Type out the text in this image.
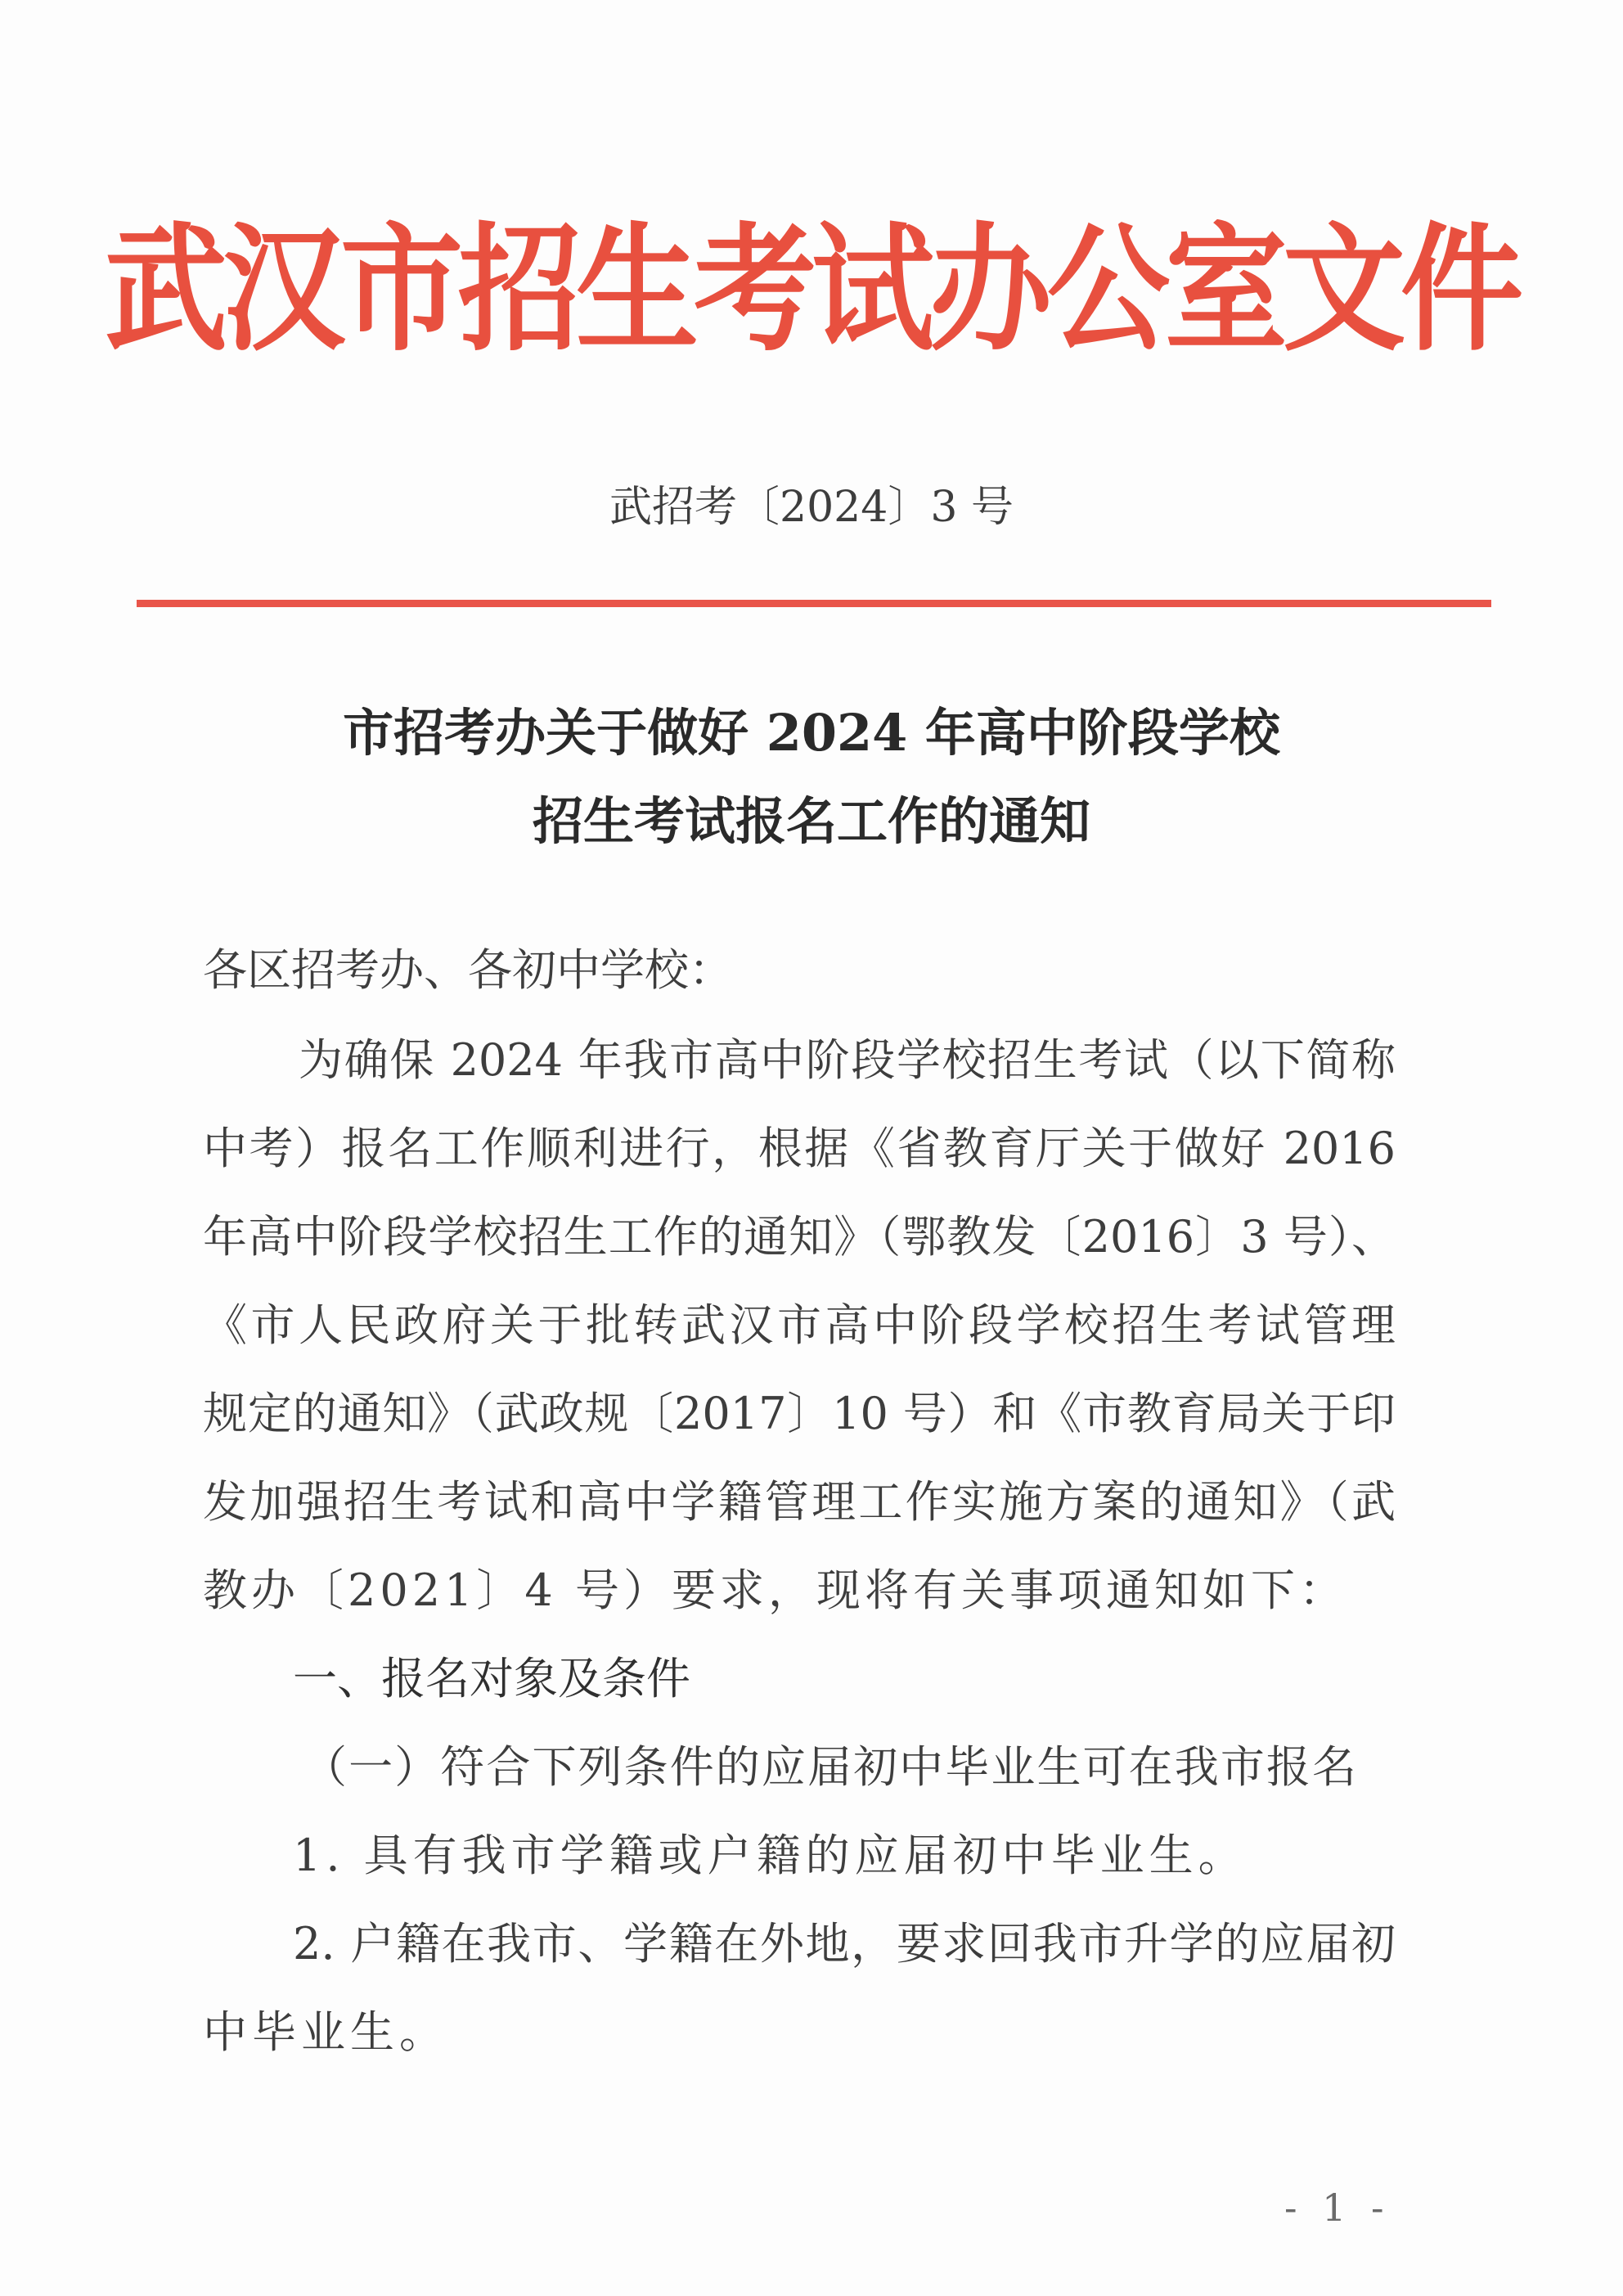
武汉市招生考试办公室文件
武招考〔2024〕3 号
市招考办关于做好 2024 年高中阶段学校
招生考试报名工作的通知
各区招考办、各初中学校：
为确保 2024 年我市高中阶段学校招生考试（以下简称
中考）报名工作顺利进行，根据《省教育厅关于做好 2016
年高中阶段学校招生工作的通知》（鄂教发〔2016〕3 号）、
《市人民政府关于批转武汉市高中阶段学校招生考试管理
规定的通知》（武政规〔2017〕10 号）和《市教育局关于印
发加强招生考试和高中学籍管理工作实施方案的通知》（武
教办〔2021〕4 号）要求，现将有关事项通知如下：
一、报名对象及条件
（一）符合下列条件的应届初中毕业生可在我市报名
1. 具有我市学籍或户籍的应届初中毕业生。
2. 户籍在我市、学籍在外地，要求回我市升学的应届初
中毕业生。
- 1 -
